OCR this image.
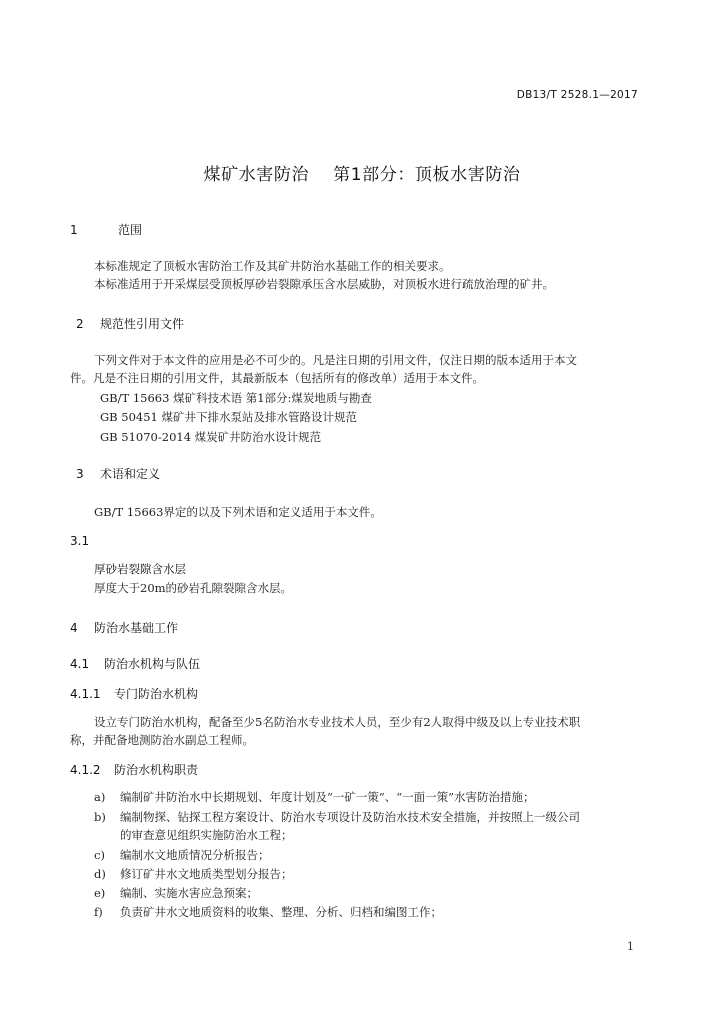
DB13/T 2528.1—2017
煤矿水害防治    第1部分：顶板水害防治
1	范围
本标准规定了顶板水害防治工作及其矿井防治水基础工作的相关要求。
本标准适用于开采煤层受顶板厚砂岩裂隙承压含水层威胁，对顶板水进行疏放治理的矿井。
2 规范性引用文件
下列文件对于本文件的应用是必不可少的。凡是注日期的引用文件，仅注日期的版本适用于本文
件。凡是不注日期的引用文件，其最新版本（包括所有的修改单）适用于本文件。
GB/T 15663 煤矿科技术语 第1部分:煤炭地质与勘查
GB 50451 煤矿井下排水泵站及排水管路设计规范
GB 51070-2014 煤炭矿井防治水设计规范
3 术语和定义
GB/T 15663界定的以及下列术语和定义适用于本文件。
3.1
厚砂岩裂隙含水层
厚度大于20m的砂岩孔隙裂隙含水层。
4 防治水基础工作
4.1 防治水机构与队伍
4.1.1 专门防治水机构
设立专门防治水机构，配备至少5名防治水专业技术人员，至少有2人取得中级及以上专业技术职
称，并配备地测防治水副总工程师。
4.1.2 防治水机构职责
a) 编制矿井防治水中长期规划、年度计划及“一矿一策”、“一面一策”水害防治措施；
b) 编制物探、钻探工程方案设计、防治水专项设计及防治水技术安全措施，并按照上一级公司
的审查意见组织实施防治水工程；
c) 编制水文地质情况分析报告；
d) 修订矿井水文地质类型划分报告；
e) 编制、实施水害应急预案；
f) 负责矿井水文地质资料的收集、整理、分析、归档和编图工作；
1
